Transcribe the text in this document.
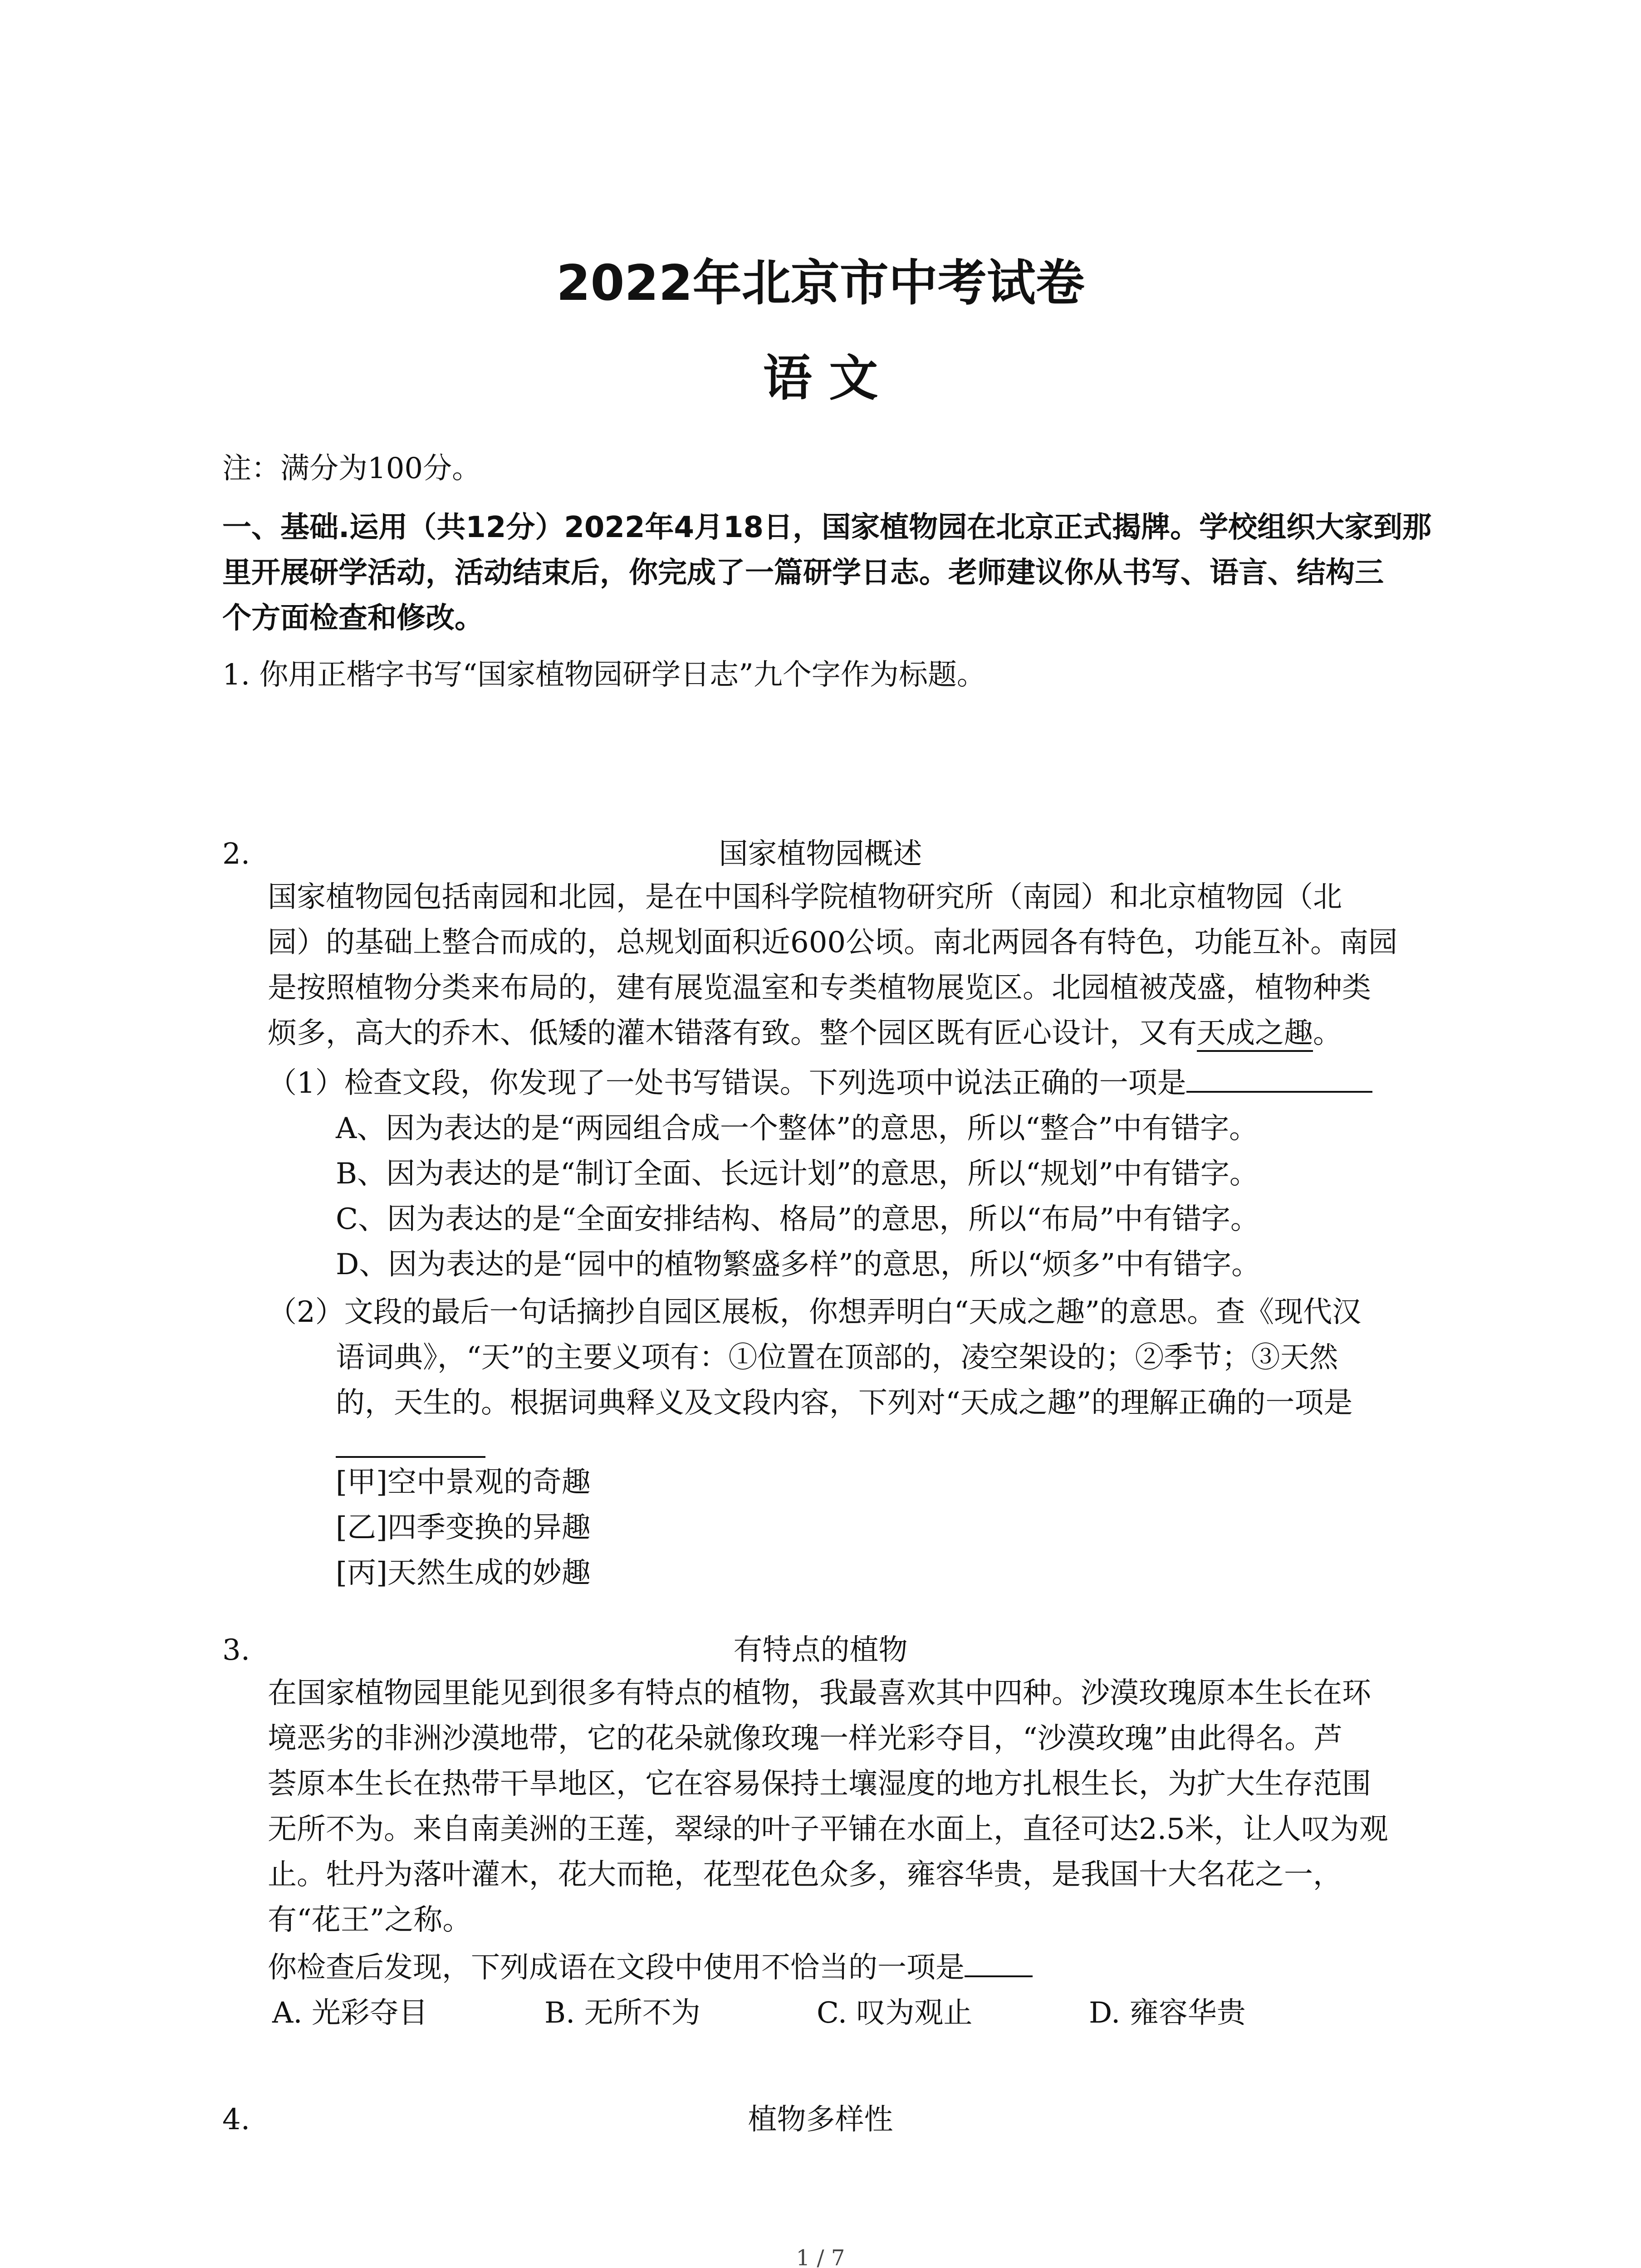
2022年北京市中考试卷
语 文
注：满分为100分。
一、基础.运用（共12分）2022年4月18日，国家植物园在北京正式揭牌。学校组织大家到那
里开展研学活动，活动结束后，你完成了一篇研学日志。老师建议你从书写、语言、结构三
个方面检查和修改。
1. 你用正楷字书写“国家植物园研学日志”九个字作为标题。
2.	国家植物园概述
国家植物园包括南园和北园，是在中国科学院植物研究所（南园）和北京植物园（北
园）的基础上整合而成的，总规划面积近600公顷。南北两园各有特色，功能互补。南园
是按照植物分类来布局的，建有展览温室和专类植物展览区。北园植被茂盛，植物种类
烦多，高大的乔木、低矮的灌木错落有致。整个园区既有匠心设计，又有天成之趣。
（1）检查文段，你发现了一处书写错误。下列选项中说法正确的一项是
A、因为表达的是“两园组合成一个整体”的意思，所以“整合”中有错字。
B、因为表达的是“制订全面、长远计划”的意思，所以“规划”中有错字。
C、因为表达的是“全面安排结构、格局”的意思，所以“布局”中有错字。
D、因为表达的是“园中的植物繁盛多样”的意思，所以“烦多”中有错字。
（2）文段的最后一句话摘抄自园区展板，你想弄明白“天成之趣”的意思。查《现代汉
语词典》，“天”的主要义项有：①位置在顶部的，凌空架设的；②季节；③天然
的，天生的。根据词典释义及文段内容，下列对“天成之趣”的理解正确的一项是
[甲]空中景观的奇趣
[乙]四季变换的异趣
[丙]天然生成的妙趣
3.	有特点的植物
在国家植物园里能见到很多有特点的植物，我最喜欢其中四种。沙漠玫瑰原本生长在环
境恶劣的非洲沙漠地带，它的花朵就像玫瑰一样光彩夺目，“沙漠玫瑰”由此得名。芦
荟原本生长在热带干旱地区，它在容易保持土壤湿度的地方扎根生长，为扩大生存范围
无所不为。来自南美洲的王莲，翠绿的叶子平铺在水面上，直径可达2.5米，让人叹为观
止。牡丹为落叶灌木，花大而艳，花型花色众多，雍容华贵，是我国十大名花之一，
有“花王”之称。
你检查后发现，下列成语在文段中使用不恰当的一项是
A. 光彩夺目	B. 无所不为	C. 叹为观止	D. 雍容华贵
4.	植物多样性
1 / 7
